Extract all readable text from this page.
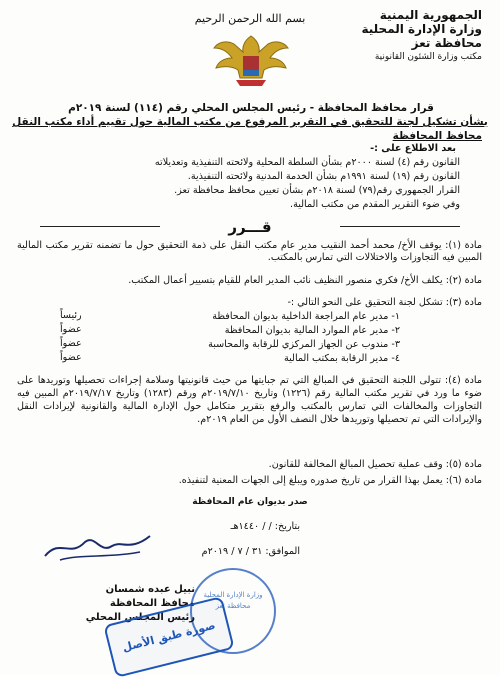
الجمهورية اليمنية
وزارة الإدارة المحلية
محافظة تعز
مكتب وزارة الشئون القانونية
بسم الله الرحمن الرحيم
قرار محافظ المحافظة - رئيس المجلس المحلي رقم (١١٤) لسنة ٢٠١٩م
بشأن تشكيل لجنة للتحقيق في التقرير المرفوع من مكتب المالية حول تقييم أداء مكتب النقل
محافظ المحافظة
بعد الاطلاع على :-
القانون رقم (٤) لسنة ٢٠٠٠م بشأن السلطة المحلية ولائحته التنفيذية وتعديلاته
القانون رقم (١٩) لسنة ١٩٩١م بشأن الخدمة المدنية ولائحته التنفيذية.
القرار الجمهوري رقم(٧٩) لسنة ٢٠١٨م بشأن تعيين محافظ محافظة تعز.
وفي ضوء التقرير المقدم من مكتب المالية.
قـــرر
مادة (١): يوقف الأخ/ محمد أحمد النقيب مدير عام مكتب النقل على ذمة التحقيق حول ما تضمنه تقرير مكتب المالية المبين فيه التجاوزات والاختلالات التي تمارس بالمكتب.
مادة (٢): يكلف الأخ/ فكري منصور النظيف نائب المدير العام للقيام بتسيير أعمال المكتب.
مادة (٣): تشكل لجنة التحقيق على النحو التالي :-
١- مدير عام المراجعة الداخلية بديوان المحافظة
رئيساً
٢- مدير عام الموارد المالية بديوان المحافظة
عضواً
٣- مندوب عن الجهاز المركزي للرقابة والمحاسبة
عضواً
٤- مدير الرقابة بمكتب المالية
عضواً
مادة (٤): تتولى اللجنة التحقيق في المبالغ التي تم جبايتها من حيث قانونيتها وسلامة إجراءات تحصيلها وتوريدها على ضوء ما ورد في تقرير مكتب المالية رقم (١٢٢٦) وتاريخ ٢٠١٩/٧/١٠م ورقم (١٢٨٣) وتاريخ ٢٠١٩/٧/١٧م المبين فيه التجاوزات والمخالفات التي تمارس بالمكتب والرفع بتقرير متكامل حول الإدارة المالية والقانونية لإيرادات النقل والإيرادات التي تم تحصيلها وتوريدها خلال النصف الأول من العام ٢٠١٩م.
مادة (٥): وقف عملية تحصيل المبالغ المخالفة للقانون.
مادة (٦): يعمل بهذا القرار من تاريخ صدوره ويبلغ إلى الجهات المعنية لتنفيذه.
صدر بديوان عام المحافظة
بتاريخ: / / ١٤٤٠هـ
الموافق: ٣١ / ٧ / ٢٠١٩م
وزارة الإدارة المحلية محافظة تعز
نبيل عبده شمسان
محافظ المحافظة
رئيس المجلس المحلي
صورة طبق الأصل
